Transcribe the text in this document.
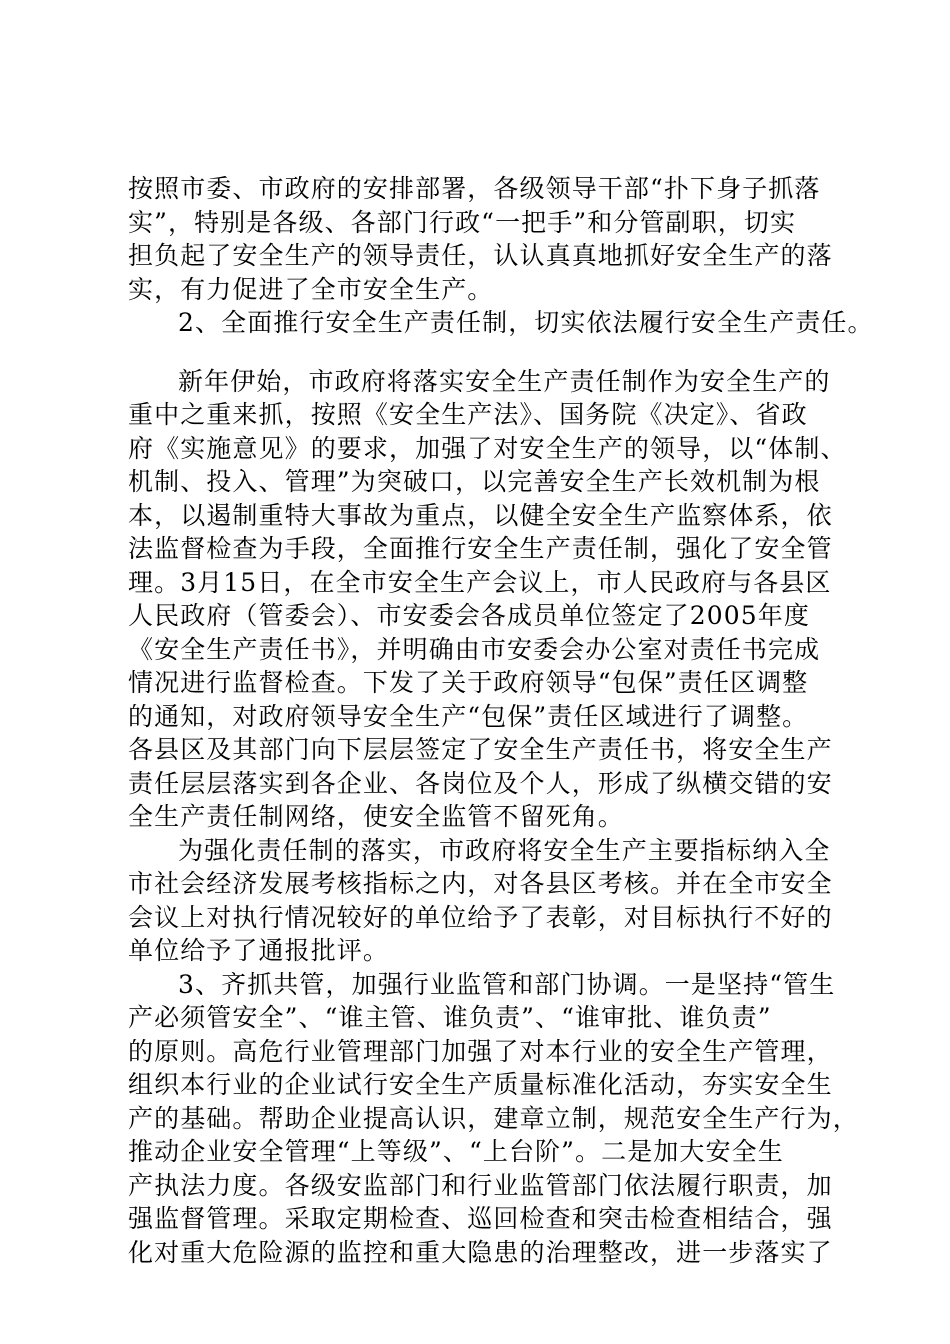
按照市委、市政府的安排部署，各级领导干部“扑下身子抓落
实”，特别是各级、各部门行政“一把手”和分管副职，切实
担负起了安全生产的领导责任，认认真真地抓好安全生产的落
实，有力促进了全市安全生产。
2、全面推行安全生产责任制，切实依法履行安全生产责任。
新年伊始，市政府将落实安全生产责任制作为安全生产的
重中之重来抓，按照《安全生产法》、国务院《决定》、省政
府《实施意见》的要求，加强了对安全生产的领导，以“体制、
机制、投入、管理”为突破口，以完善安全生产长效机制为根
本，以遏制重特大事故为重点，以健全安全生产监察体系，依
法监督检查为手段，全面推行安全生产责任制，强化了安全管
理。3月15日，在全市安全生产会议上，市人民政府与各县区
人民政府（管委会）、市安委会各成员单位签定了2005年度
《安全生产责任书》，并明确由市安委会办公室对责任书完成
情况进行监督检查。下发了关于政府领导“包保”责任区调整
的通知，对政府领导安全生产“包保”责任区域进行了调整。
各县区及其部门向下层层签定了安全生产责任书，将安全生产
责任层层落实到各企业、各岗位及个人，形成了纵横交错的安
全生产责任制网络，使安全监管不留死角。
为强化责任制的落实，市政府将安全生产主要指标纳入全
市社会经济发展考核指标之内，对各县区考核。并在全市安全
会议上对执行情况较好的单位给予了表彰，对目标执行不好的
单位给予了通报批评。
3、齐抓共管，加强行业监管和部门协调。一是坚持“管生
产必须管安全”、“谁主管、谁负责”、“谁审批、谁负责”
的原则。高危行业管理部门加强了对本行业的安全生产管理，
组织本行业的企业试行安全生产质量标准化活动，夯实安全生
产的基础。帮助企业提高认识，建章立制，规范安全生产行为，
推动企业安全管理“上等级”、“上台阶”。二是加大安全生
产执法力度。各级安监部门和行业监管部门依法履行职责，加
强监督管理。采取定期检查、巡回检查和突击检查相结合，强
化对重大危险源的监控和重大隐患的治理整改，进一步落实了
